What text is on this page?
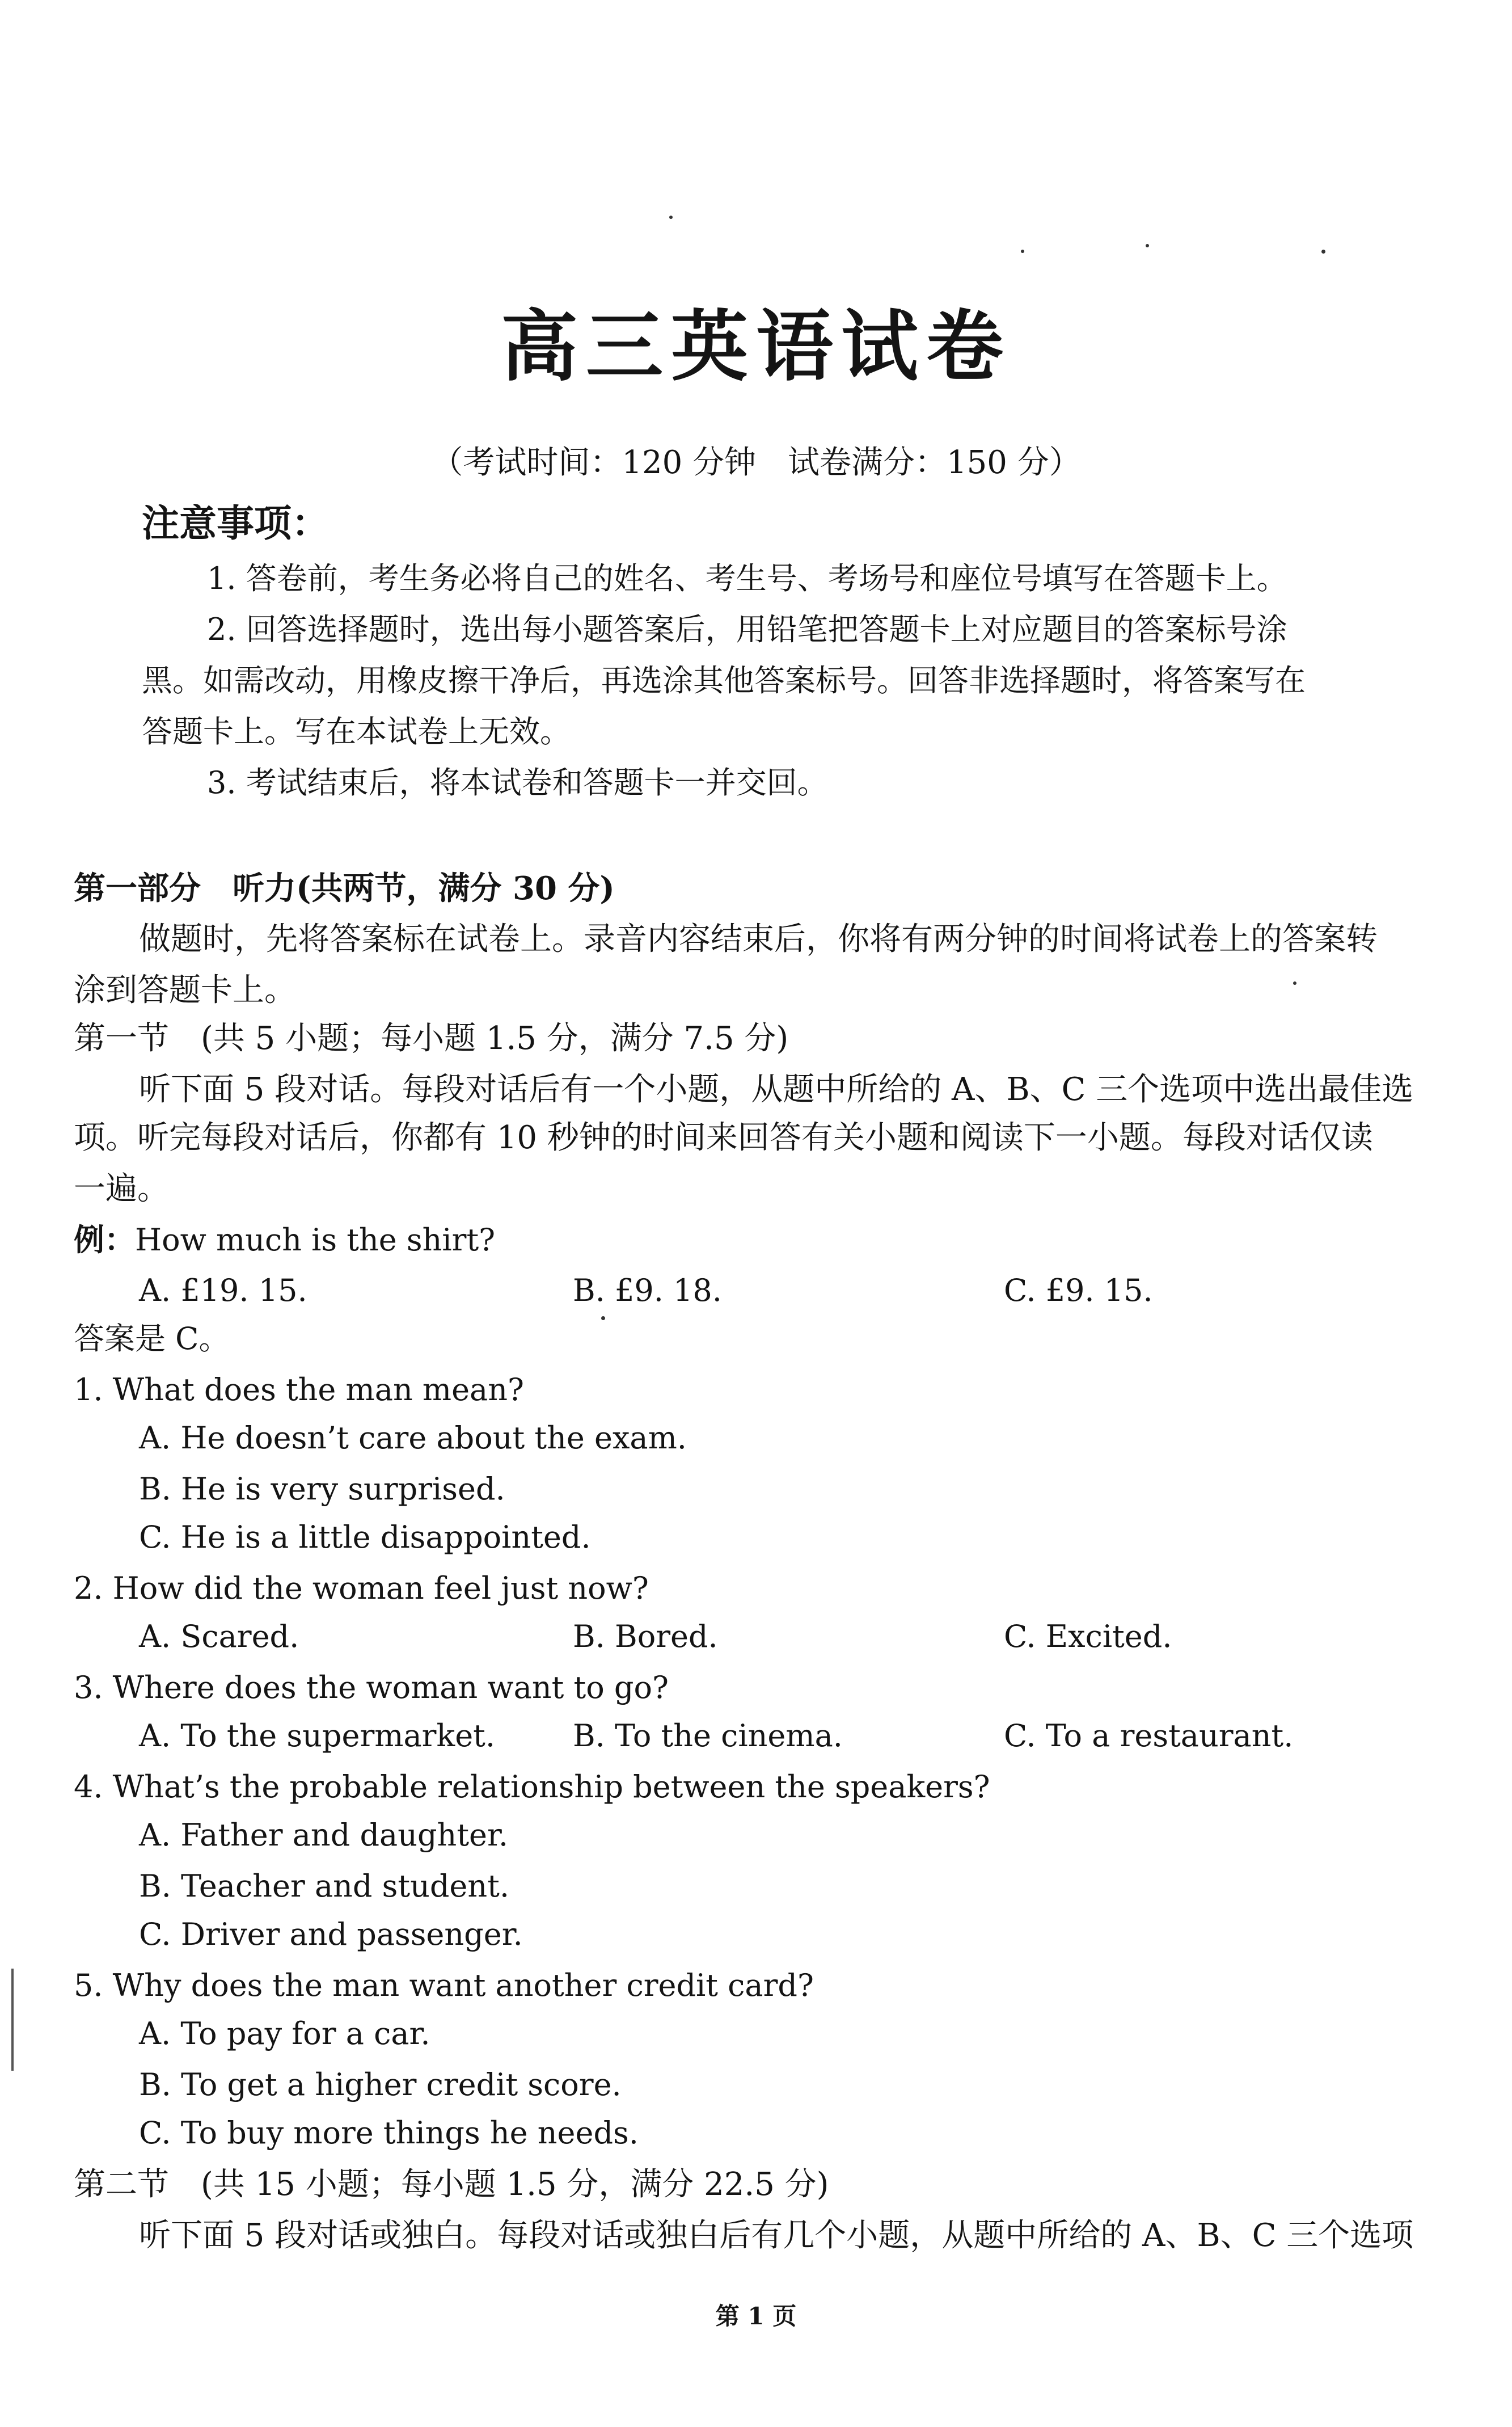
高三英语试卷
（考试时间：120 分钟　试卷满分：150 分）
注意事项：
1. 答卷前，考生务必将自己的姓名、考生号、考场号和座位号填写在答题卡上。
2. 回答选择题时，选出每小题答案后，用铅笔把答题卡上对应题目的答案标号涂
黑。如需改动，用橡皮擦干净后，再选涂其他答案标号。回答非选择题时，将答案写在
答题卡上。写在本试卷上无效。
3. 考试结束后，将本试卷和答题卡一并交回。
第一部分　听力(共两节，满分 30 分)
做题时，先将答案标在试卷上。录音内容结束后，你将有两分钟的时间将试卷上的答案转
涂到答题卡上。
第一节　(共 5 小题；每小题 1.5 分，满分 7.5 分)
听下面 5 段对话。每段对话后有一个小题，从题中所给的 A、B、C 三个选项中选出最佳选
项。听完每段对话后，你都有 10 秒钟的时间来回答有关小题和阅读下一小题。每段对话仅读
一遍。
例：How much is the shirt?
A. £19. 15.	B. £9. 18.	C. £9. 15.
答案是 C。
1. What does the man mean?
A. He doesn’t care about the exam.
B. He is very surprised.
C. He is a little disappointed.
2. How did the woman feel just now?
A. Scared.	B. Bored.	C. Excited.
3. Where does the woman want to go?
A. To the supermarket.	B. To the cinema.	C. To a restaurant.
4. What’s the probable relationship between the speakers?
A. Father and daughter.
B. Teacher and student.
C. Driver and passenger.
5. Why does the man want another credit card?
A. To pay for a car.
B. To get a higher credit score.
C. To buy more things he needs.
第二节　(共 15 小题；每小题 1.5 分，满分 22.5 分)
听下面 5 段对话或独白。每段对话或独白后有几个小题，从题中所给的 A、B、C 三个选项
第 1 页
